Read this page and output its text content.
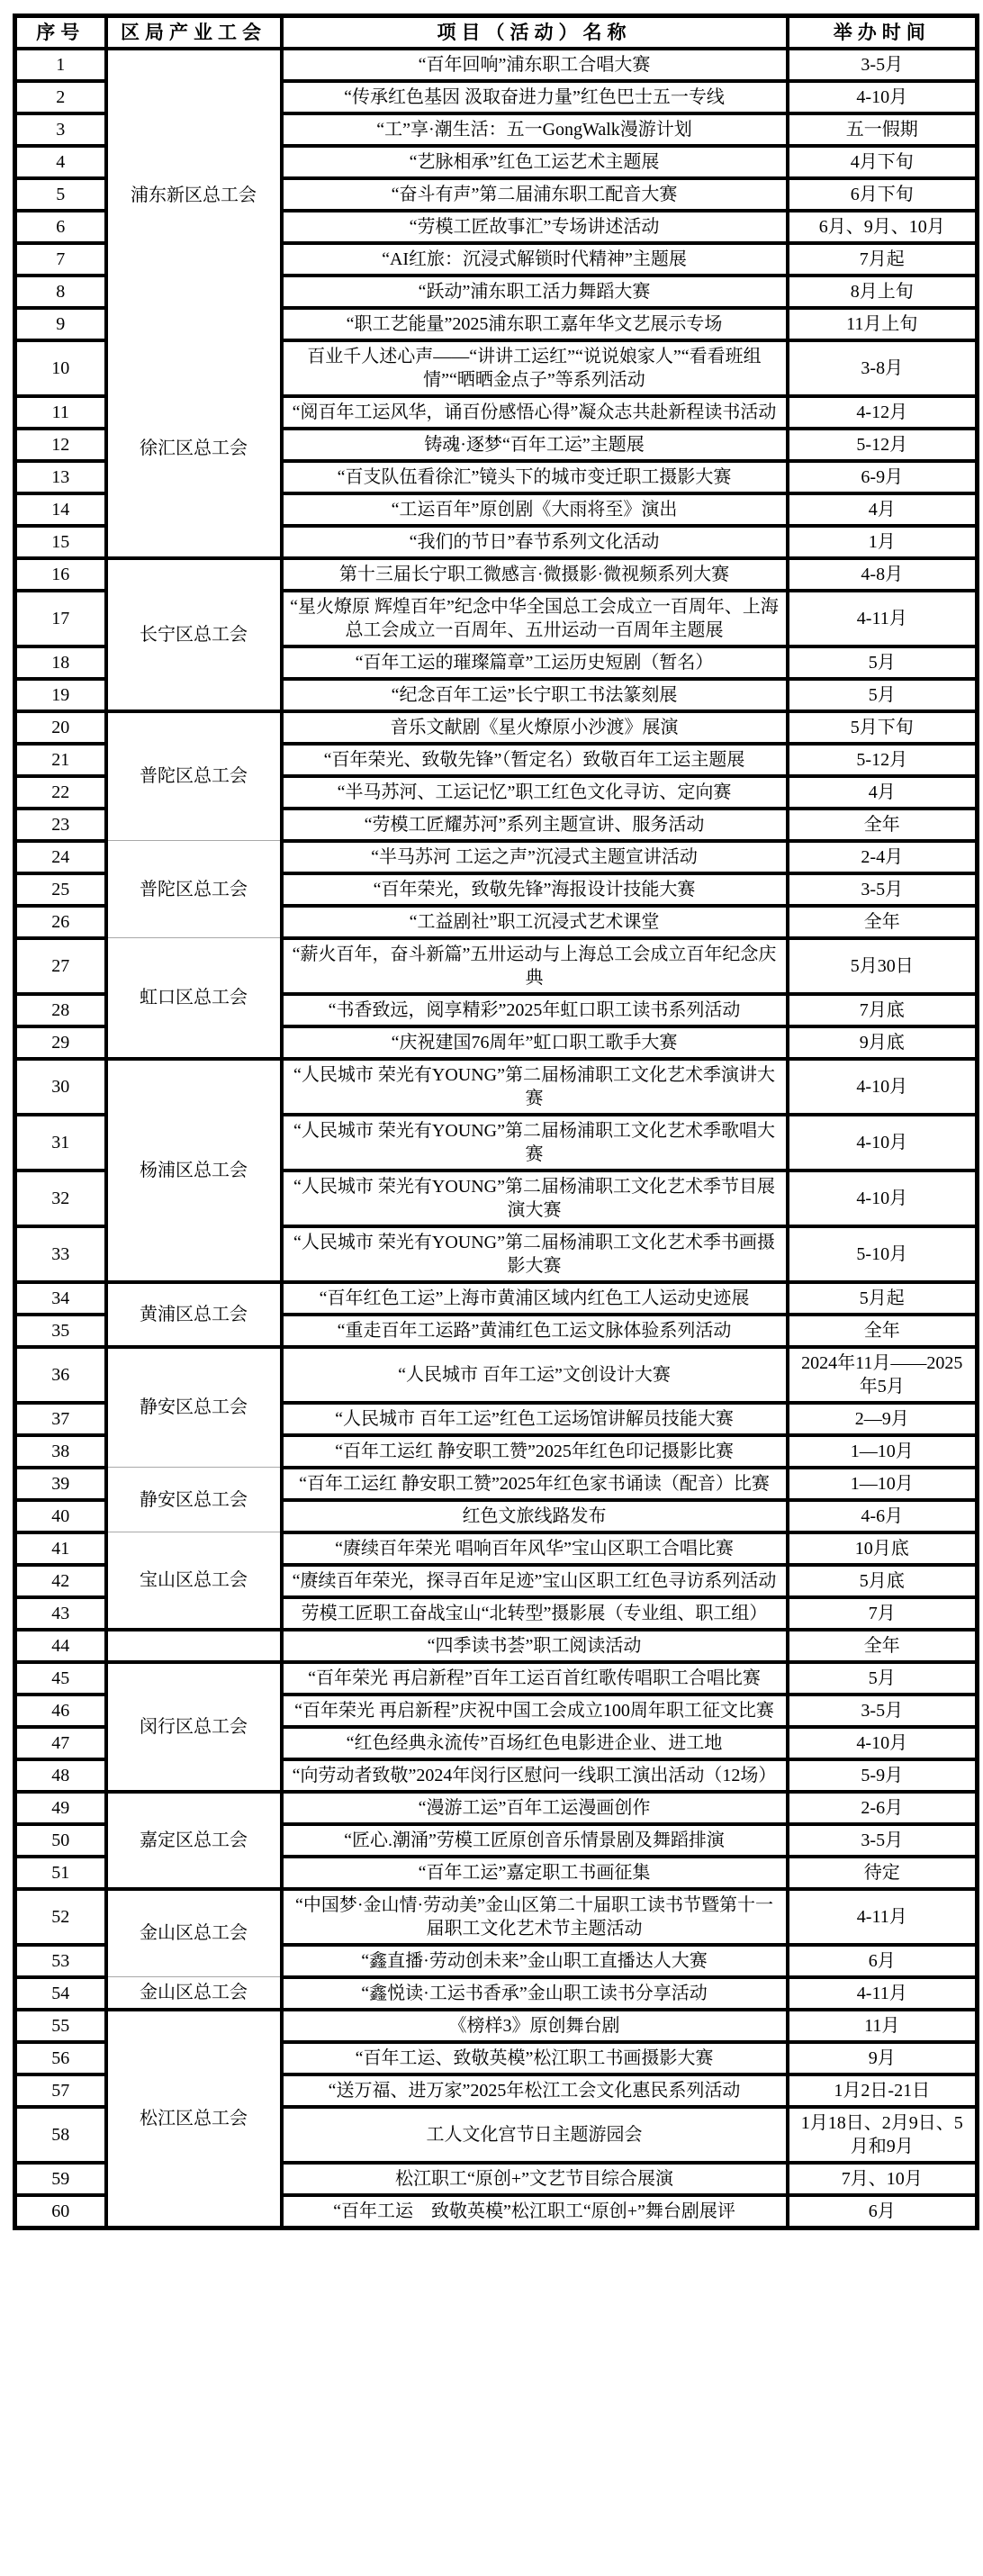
序号	区局产业工会	项目（活动）名称	举办时间
1	浦东新区总工会	“百年回响”浦东职工合唱大赛	3-5月
2		“传承红色基因 汲取奋进力量”红色巴士五一专线	4-10月
3		“工”享·潮生活：五一GongWalk漫游计划	五一假期
4		“艺脉相承”红色工运艺术主题展	4月下旬
5		“奋斗有声”第二届浦东职工配音大赛	6月下旬
6		“劳模工匠故事汇”专场讲述活动	6月、9月、10月
7		“AI红旅：沉浸式解锁时代精神”主题展	7月起
8		“跃动”浦东职工活力舞蹈大赛	8月上旬
9		“职工艺能量”2025浦东职工嘉年华文艺展示专场	11月上旬
10	徐汇区总工会	百业千人述心声——“讲讲工运红”“说说娘家人”“看看班组情”“晒晒金点子”等系列活动	3-8月
11		“阅百年工运风华，诵百份感悟心得”凝众志共赴新程读书活动	4-12月
12		铸魂·逐梦“百年工运”主题展	5-12月
13		“百支队伍看徐汇”镜头下的城市变迁职工摄影大赛	6-9月
14		“工运百年”原创剧《大雨将至》演出	4月
15		“我们的节日”春节系列文化活动	1月
16	长宁区总工会	第十三届长宁职工微感言·微摄影·微视频系列大赛	4-8月
17		“星火燎原 辉煌百年”纪念中华全国总工会成立一百周年、上海总工会成立一百周年、五卅运动一百周年主题展	4-11月
18		“百年工运的璀璨篇章”工运历史短剧（暂名）	5月
19		“纪念百年工运”长宁职工书法篆刻展	5月
20	普陀区总工会	音乐文献剧《星火燎原小沙渡》展演	5月下旬
21		“百年荣光、致敬先锋”（暂定名）致敬百年工运主题展	5-12月
22		“半马苏河、工运记忆”职工红色文化寻访、定向赛	4月
23		“劳模工匠耀苏河”系列主题宣讲、服务活动	全年
24	普陀区总工会	“半马苏河 工运之声”沉浸式主题宣讲活动	2-4月
25		“百年荣光，致敬先锋”海报设计技能大赛	3-5月
26		“工益剧社”职工沉浸式艺术课堂	全年
27	虹口区总工会	“薪火百年，奋斗新篇”五卅运动与上海总工会成立百年纪念庆典	5月30日
28		“书香致远，阅享精彩”2025年虹口职工读书系列活动	7月底
29		“庆祝建国76周年”虹口职工歌手大赛	9月底
30	杨浦区总工会	“人民城市 荣光有YOUNG”第二届杨浦职工文化艺术季演讲大赛	4-10月
31		“人民城市 荣光有YOUNG”第二届杨浦职工文化艺术季歌唱大赛	4-10月
32		“人民城市 荣光有YOUNG”第二届杨浦职工文化艺术季节目展演大赛	4-10月
33		“人民城市 荣光有YOUNG”第二届杨浦职工文化艺术季书画摄影大赛	5-10月
34	黄浦区总工会	“百年红色工运”上海市黄浦区域内红色工人运动史迹展	5月起
35		“重走百年工运路”黄浦红色工运文脉体验系列活动	全年
36	静安区总工会	“人民城市 百年工运”文创设计大赛	2024年11月——2025年5月
37		“人民城市 百年工运”红色工运场馆讲解员技能大赛	2—9月
38		“百年工运红 静安职工赞”2025年红色印记摄影比赛	1—10月
39	静安区总工会	“百年工运红 静安职工赞”2025年红色家书诵读（配音）比赛	1—10月
40		红色文旅线路发布	4-6月
41	宝山区总工会	“赓续百年荣光 唱响百年风华”宝山区职工合唱比赛	10月底
42		“赓续百年荣光，探寻百年足迹”宝山区职工红色寻访系列活动	5月底
43		劳模工匠职工奋战宝山“北转型”摄影展（专业组、职工组）	7月
44		“四季读书荟”职工阅读活动	全年
45	闵行区总工会	“百年荣光 再启新程”百年工运百首红歌传唱职工合唱比赛	5月
46		“百年荣光 再启新程”庆祝中国工会成立100周年职工征文比赛	3-5月
47		“红色经典永流传”百场红色电影进企业、进工地	4-10月
48		“向劳动者致敬”2024年闵行区慰问一线职工演出活动（12场）	5-9月
49	嘉定区总工会	“漫游工运”百年工运漫画创作	2-6月
50		“匠心.潮涌”劳模工匠原创音乐情景剧及舞蹈排演	3-5月
51		“百年工运”嘉定职工书画征集	待定
52	金山区总工会	“中国梦·金山情·劳动美”金山区第二十届职工读书节暨第十一届职工文化艺术节主题活动	4-11月
53		“鑫直播·劳动创未来”金山职工直播达人大赛	6月
54	金山区总工会	“鑫悦读·工运书香承”金山职工读书分享活动	4-11月
55	松江区总工会	《榜样3》原创舞台剧	11月
56		“百年工运、致敬英模”松江职工书画摄影大赛	9月
57		“送万福、进万家”2025年松江工会文化惠民系列活动	1月2日-21日
58		工人文化宫节日主题游园会	1月18日、2月9日、5月和9月
59		松江职工“原创+”文艺节目综合展演	7月、10月
60		“百年工运　致敬英模”松江职工“原创+”舞台剧展评	6月
